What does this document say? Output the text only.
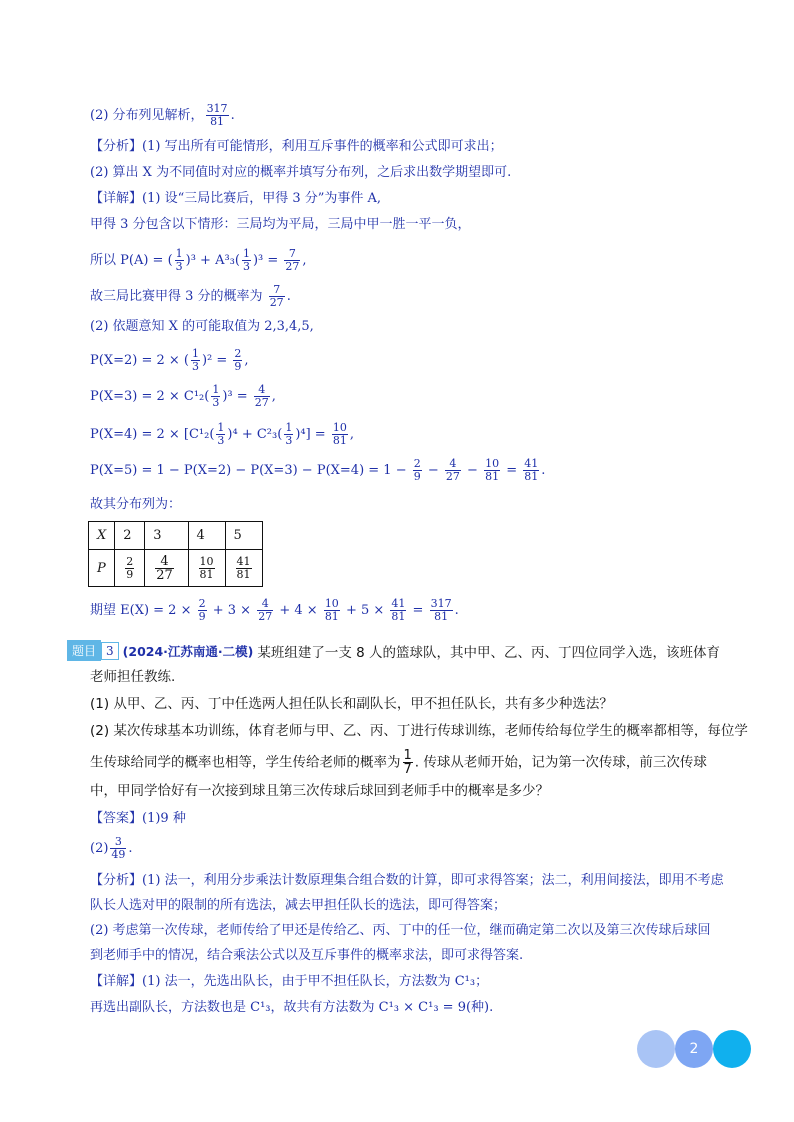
(2) 分布列见解析， $\frac{317}{81}$ .
【分析】(1) 写出所有可能情形，利用互斥事件的概率和公式即可求出；
(2) 算出 X 为不同值时对应的概率并填写分布列，之后求出数学期望即可.
【详解】(1) 设“三局比赛后，甲得 3 分”为事件 A,
甲得 3 分包含以下情形：三局均为平局，三局中甲一胜一平一负，
所以 P(A) = ( $\frac{1}{3} )^3 + A^3_3( \frac{1}{3} )^3 = \frac{7}{27}$ ,
故三局比赛甲得 3 分的概率为 $\frac{7}{27}$ .
(2) 依题意知 X 的可能取值为 2,3,4,5,
P(X=2) = 2 × ( $\frac{1}{3} )^2 = \frac{2}{9}$ ,
$P(X=3) = 2 \times C^1_2( \frac{1}{3} )^3 = \frac{4}{27}$ ,
$P(X=4) = 2 \times [C^1_2( \frac{1}{3} )^4 + C^2_3( \frac{1}{3} )^4] = \frac{10}{81}$ ,
$P(X=5) = 1 - P(X=2) - P(X=3) - P(X=4) = 1 - \frac{2}{9} - \frac{4}{27} - \frac{10}{81} = \frac{41}{81}$ .
故其分布列为：
X	2	3	4	5
P	$\frac{2}{9}$	$\frac{4}{27}$	$\frac{10}{81}$	$\frac{41}{81}$
期望 $E(X) = 2 \times \frac{2}{9} + 3 \times \frac{4}{27} + 4 \times \frac{10}{81} + 5 \times \frac{41}{81} = \frac{317}{81}$ .
题目 3 (2024·江苏南通·二模) 某班组建了一支 8 人的篮球队，其中甲、乙、丙、丁四位同学入选，该班体育
老师担任教练.
(1) 从甲、乙、丙、丁中任选两人担任队长和副队长，甲不担任队长，共有多少种选法？
(2) 某次传球基本功训练，体育老师与甲、乙、丙、丁进行传球训练，老师传给每位学生的概率都相等，每位学
生传球给同学的概率也相等，学生传给老师的概率为 $\frac{1}{7}$ . 传球从老师开始，记为第一次传球，前三次传球
中，甲同学恰好有一次接到球且第三次传球后球回到老师手中的概率是多少？
【答案】(1)9 种
$(2) \frac{3}{49}$ .
【分析】(1) 法一，利用分步乘法计数原理集合组合数的计算，即可求得答案；法二，利用间接法，即用不考虑
队长人选对甲的限制的所有选法，减去甲担任队长的选法，即可得答案；
(2) 考虑第一次传球，老师传给了甲还是传给乙、丙、丁中的任一位，继而确定第二次以及第三次传球后球回
到老师手中的情况，结合乘法公式以及互斥事件的概率求法，即可求得答案.
【详解】(1) 法一，先选出队长，由于甲不担任队长，方法数为 C¹₃；
再选出副队长，方法数也是 C¹₃，故共有方法数为 C¹₃ × C¹₃ = 9(种).
2
